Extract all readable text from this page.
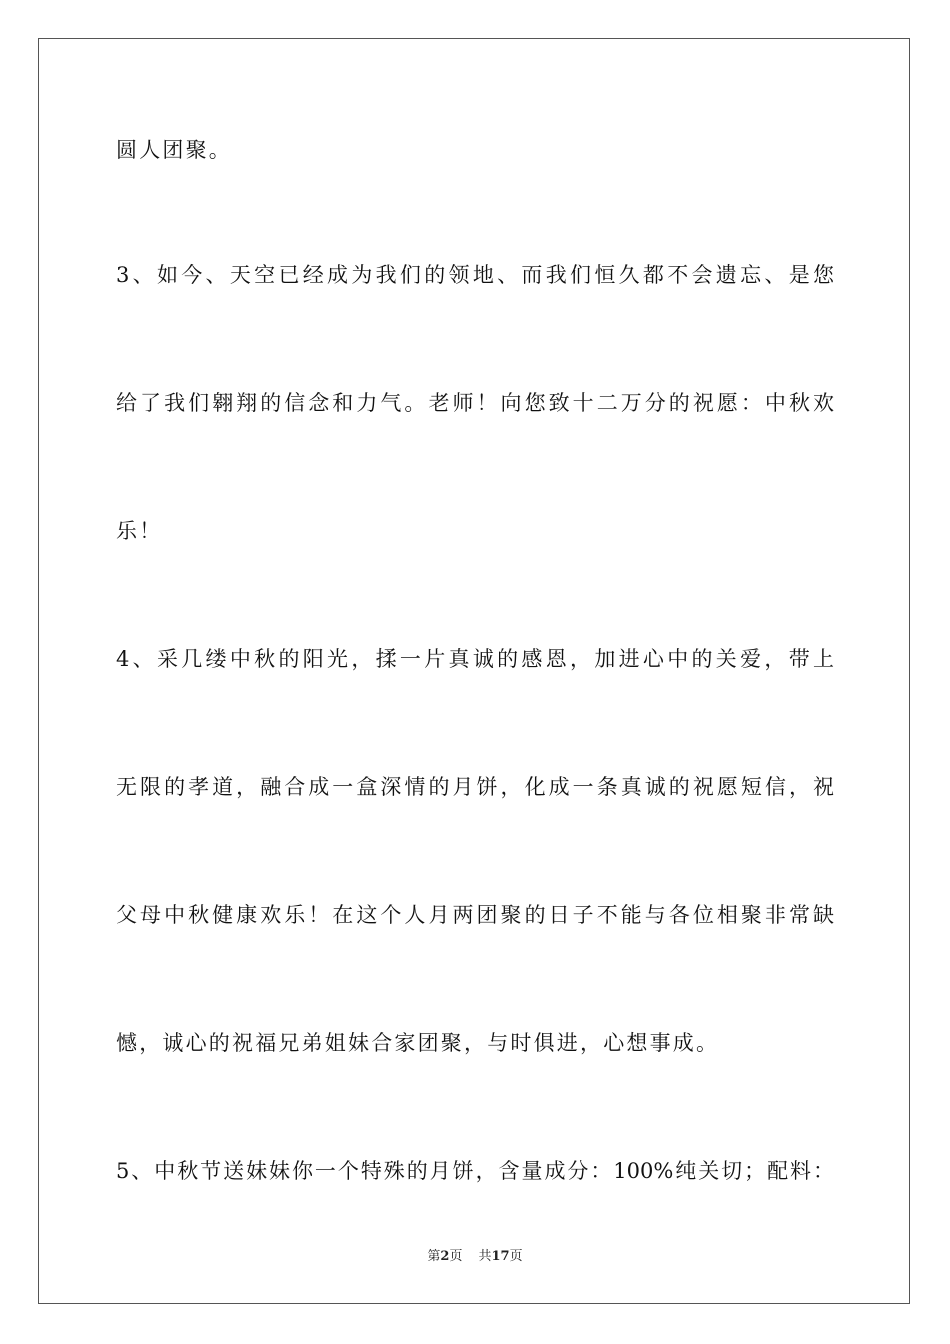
圆人团聚。
3、如今、天空已经成为我们的领地、而我们恒久都不会遗忘、是您
给了我们翱翔的信念和力气。老师！向您致十二万分的祝愿：中秋欢
乐！
4、采几缕中秋的阳光，揉一片真诚的感恩，加进心中的关爱，带上
无限的孝道，融合成一盒深情的月饼，化成一条真诚的祝愿短信，祝
父母中秋健康欢乐！在这个人月两团聚的日子不能与各位相聚非常缺
憾，诚心的祝福兄弟姐妹合家团聚，与时俱进，心想事成。
5、中秋节送妹妹你一个特殊的月饼，含量成分：100%纯关切；配料：
第2页 共17页
